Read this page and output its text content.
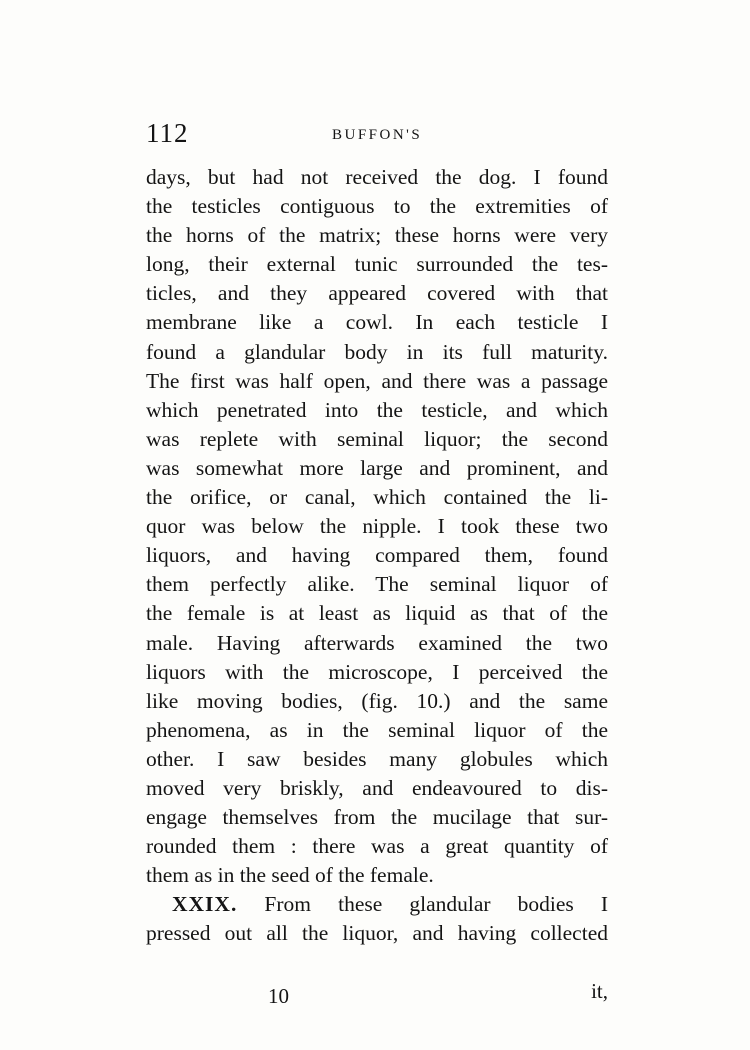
112	BUFFON'S
days, but had not received the dog. I found
the testicles contiguous to the extremities of
the horns of the matrix; these horns were very
long, their external tunic surrounded the tes-
ticles, and they appeared covered with that
membrane like a cowl. In each testicle I
found a glandular body in its full maturity.
The first was half open, and there was a passage
which penetrated into the testicle, and which
was replete with seminal liquor; the second
was somewhat more large and prominent, and
the orifice, or canal, which contained the li-
quor was below the nipple. I took these two
liquors, and having compared them, found
them perfectly alike. The seminal liquor of
the female is at least as liquid as that of the
male. Having afterwards examined the two
liquors with the microscope, I perceived the
like moving bodies, (fig. 10.) and the same
phenomena, as in the seminal liquor of the
other. I saw besides many globules which
moved very briskly, and endeavoured to dis-
engage themselves from the mucilage that sur-
rounded them : there was a great quantity of
them as in the seed of the female.
XXIX. From these glandular bodies I
pressed out all the liquor, and having collected
10	it,
